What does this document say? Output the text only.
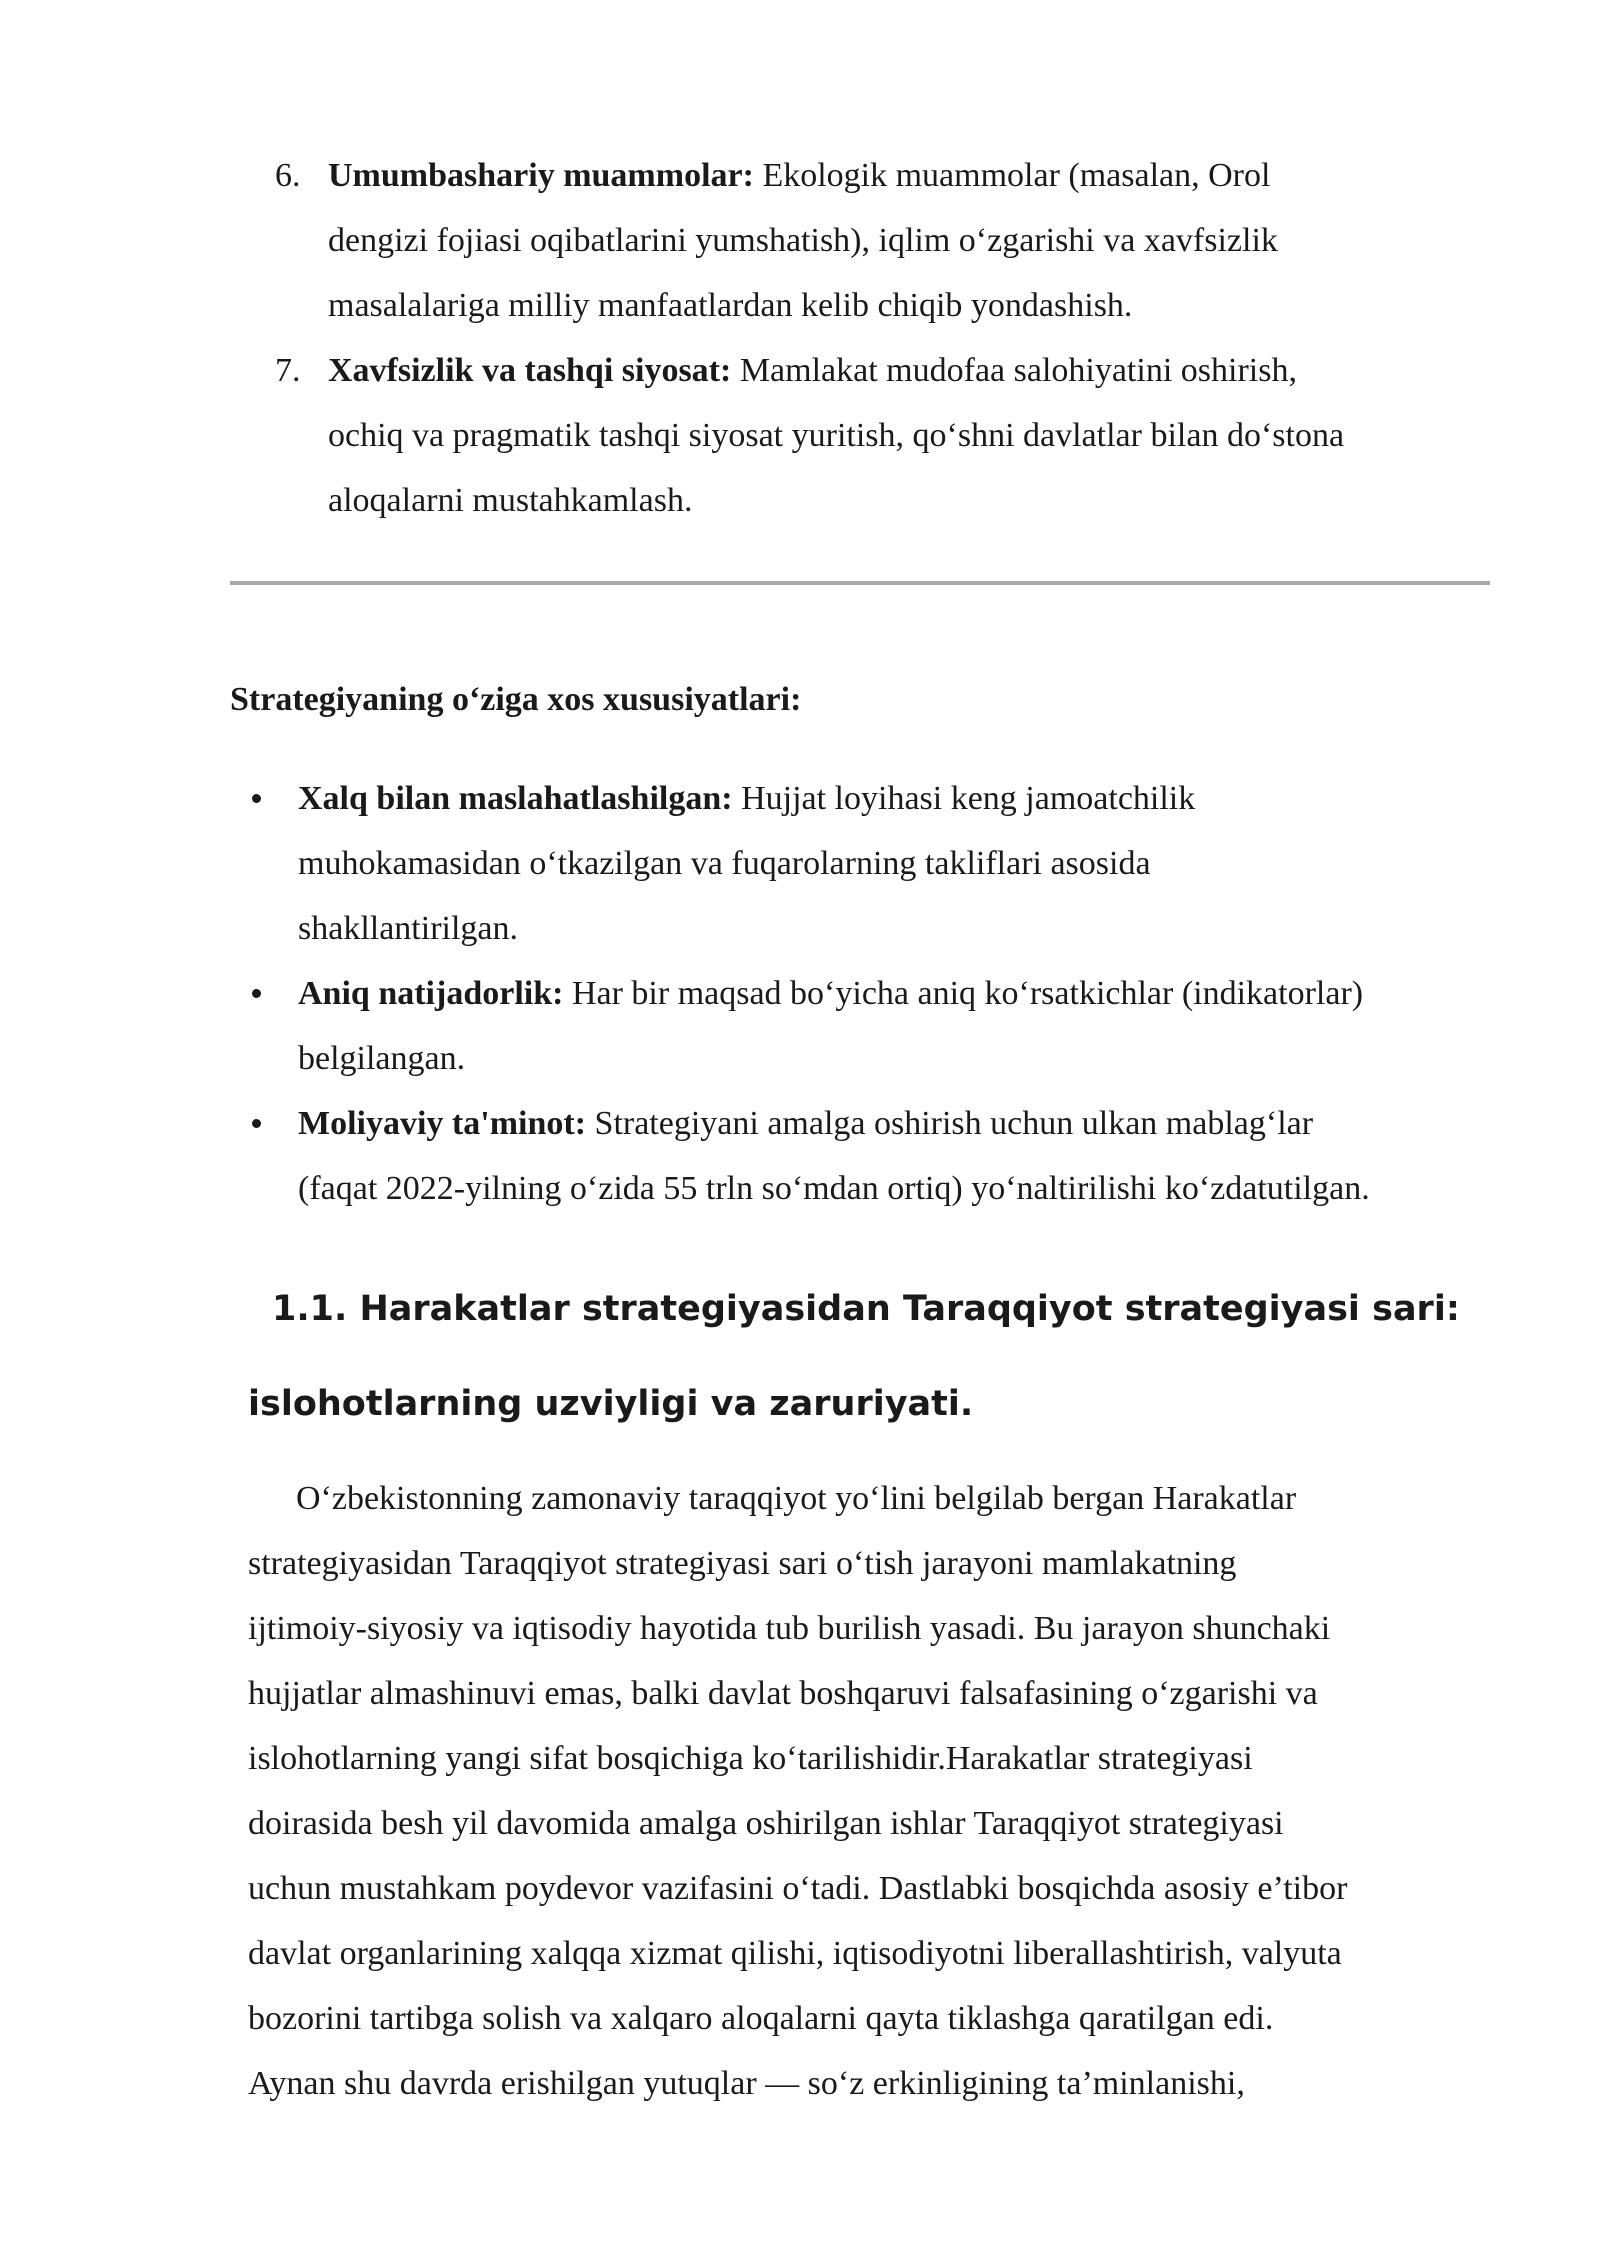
6. Umumbashariy muammolar: Ekologik muammolar (masalan, Orol
dengizi fojiasi oqibatlarini yumshatish), iqlim o‘zgarishi va xavfsizlik
masalalariga milliy manfaatlardan kelib chiqib yondashish.
7. Xavfsizlik va tashqi siyosat: Mamlakat mudofaa salohiyatini oshirish,
ochiq va pragmatik tashqi siyosat yuritish, qo‘shni davlatlar bilan do‘stona
aloqalarni mustahkamlash.
Strategiyaning o‘ziga xos xususiyatlari:
Xalq bilan maslahatlashilgan: Hujjat loyihasi keng jamoatchilik
muhokamasidan o‘tkazilgan va fuqarolarning takliflari asosida
shakllantirilgan.
Aniq natijadorlik: Har bir maqsad bo‘yicha aniq ko‘rsatkichlar (indikatorlar)
belgilangan.
Moliyaviy ta'minot: Strategiyani amalga oshirish uchun ulkan mablag‘lar
(faqat 2022-yilning o‘zida 55 trln so‘mdan ortiq) yo‘naltirilishi ko‘zdatutilgan.
1.1. Harakatlar strategiyasidan Taraqqiyot strategiyasi sari:
islohotlarning uzviyligi va zaruriyati.
O‘zbekistonning zamonaviy taraqqiyot yo‘lini belgilab bergan Harakatlar
strategiyasidan Taraqqiyot strategiyasi sari o‘tish jarayoni mamlakatning
ijtimoiy-siyosiy va iqtisodiy hayotida tub burilish yasadi. Bu jarayon shunchaki
hujjatlar almashinuvi emas, balki davlat boshqaruvi falsafasining o‘zgarishi va
islohotlarning yangi sifat bosqichiga ko‘tarilishidir.Harakatlar strategiyasi
doirasida besh yil davomida amalga oshirilgan ishlar Taraqqiyot strategiyasi
uchun mustahkam poydevor vazifasini o‘tadi. Dastlabki bosqichda asosiy e’tibor
davlat organlarining xalqqa xizmat qilishi, iqtisodiyotni liberallashtirish, valyuta
bozorini tartibga solish va xalqaro aloqalarni qayta tiklashga qaratilgan edi.
Aynan shu davrda erishilgan yutuqlar — so‘z erkinligining ta’minlanishi,
